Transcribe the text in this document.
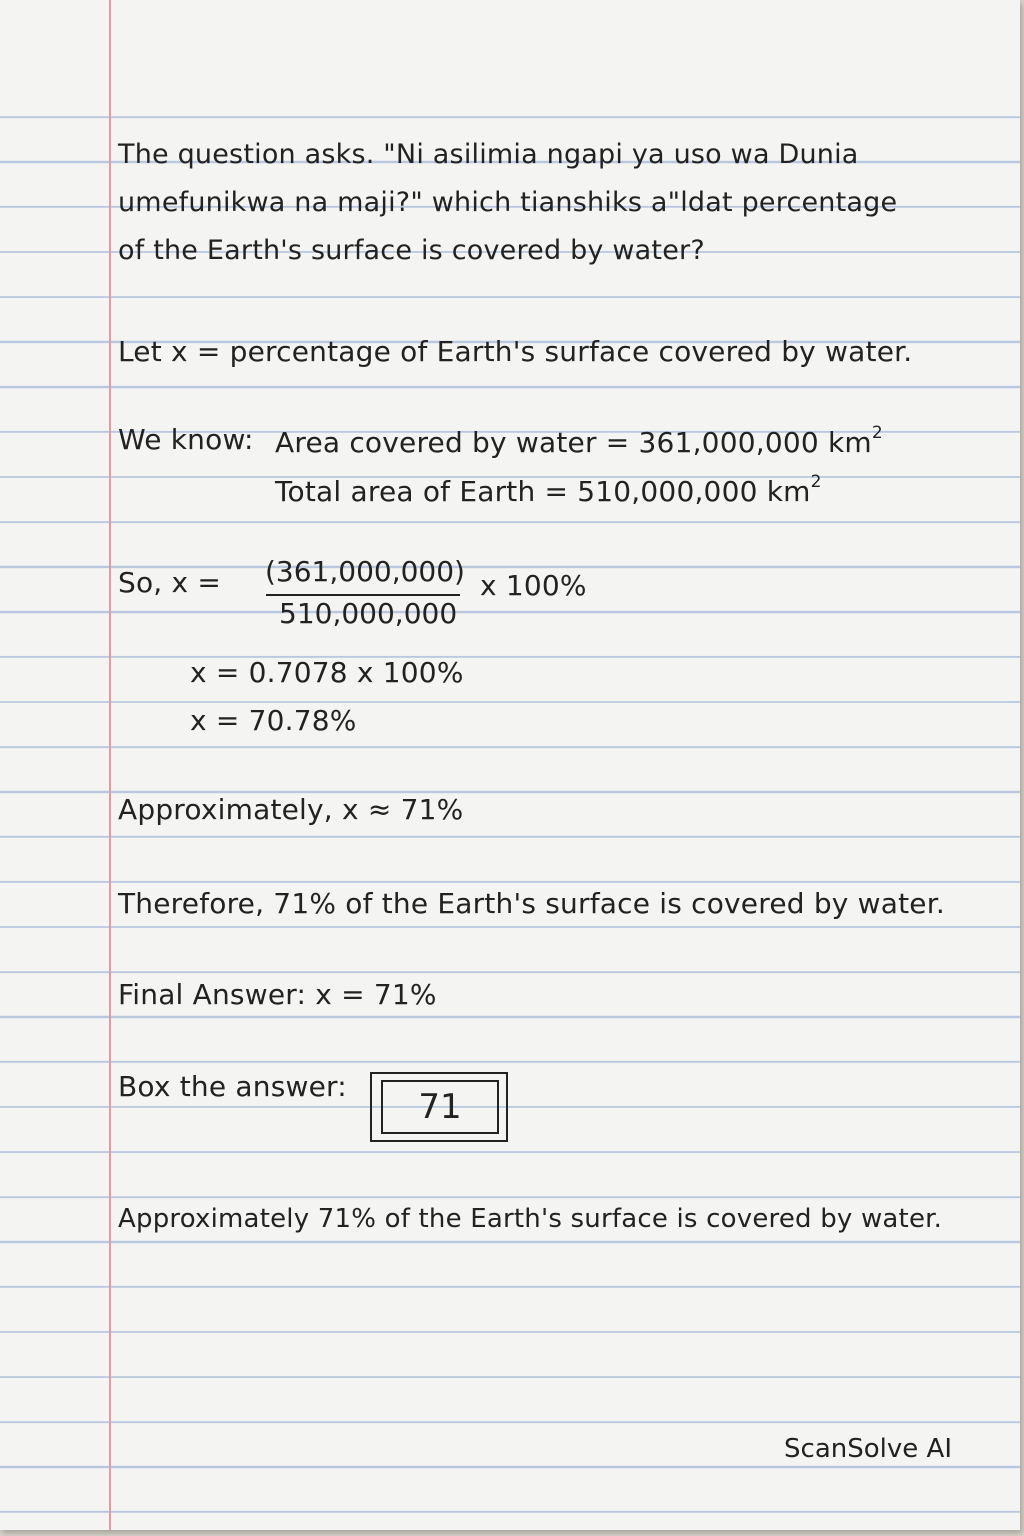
The question asks. "Ni asilimia ngapi ya uso wa Dunia
umefunikwa na maji?" which tianshiks a"ldat percentage
of the Earth's surface is covered by water?
Let x = percentage of Earth's surface covered by water.
We know: Area covered by water = 361,000,000 $km^2$
Total area of Earth = 510,000,000 $km^2$
So, x = (361,000,000)
510,000,000
x 100%
x = 0.7078 x 100%
x = 70.78%
Approximately, x ≈ 71%
Therefore, 71% of the Earth's surface is covered by water.
Final Answer: x = 71%
Box the answer:
71
Approximately 71% of the Earth's surface is covered by water.
ScanSolve AI
